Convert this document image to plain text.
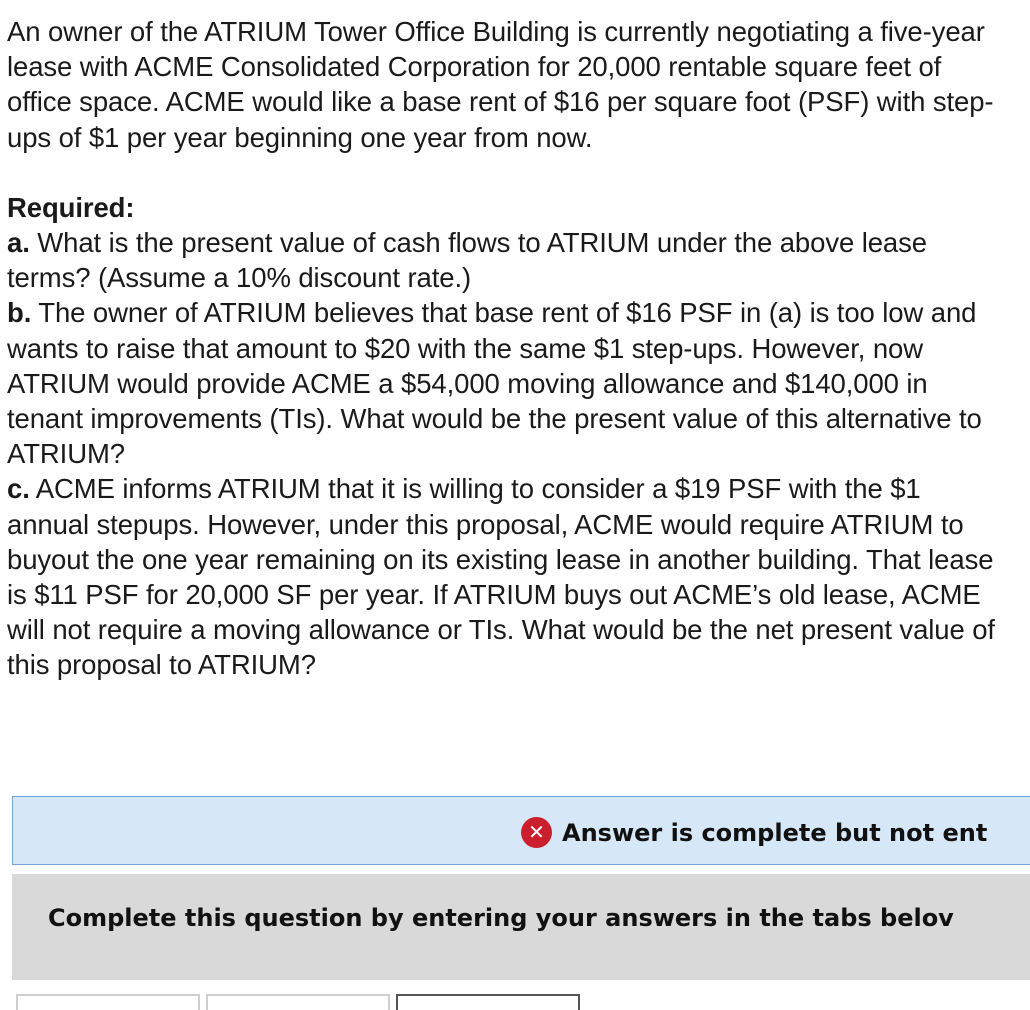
An owner of the ATRIUM Tower Office Building is currently negotiating a five-year lease with ACME Consolidated Corporation for 20,000 rentable square feet of office space. ACME would like a base rent of $16 per square foot (PSF) with step-ups of $1 per year beginning one year from now.

Required:

a. What is the present value of cash flows to ATRIUM under the above lease terms? (Assume a 10% discount rate.)

b. The owner of ATRIUM believes that base rent of $16 PSF in (a) is too low and wants to raise that amount to $20 with the same $1 step-ups. However, now ATRIUM would provide ACME a $54,000 moving allowance and $140,000 in tenant improvements (TIs). What would be the present value of this alternative to ATRIUM?

c. ACME informs ATRIUM that it is willing to consider a $19 PSF with the $1 annual stepups. However, under this proposal, ACME would require ATRIUM to buyout the one year remaining on its existing lease in another building. That lease is $11 PSF for 20,000 SF per year. If ATRIUM buys out ACME’s old lease, ACME will not require a moving allowance or TIs. What would be the net present value of this proposal to ATRIUM?

✕ Answer is complete but not ent
Complete this question by entering your answers in the tabs belov
